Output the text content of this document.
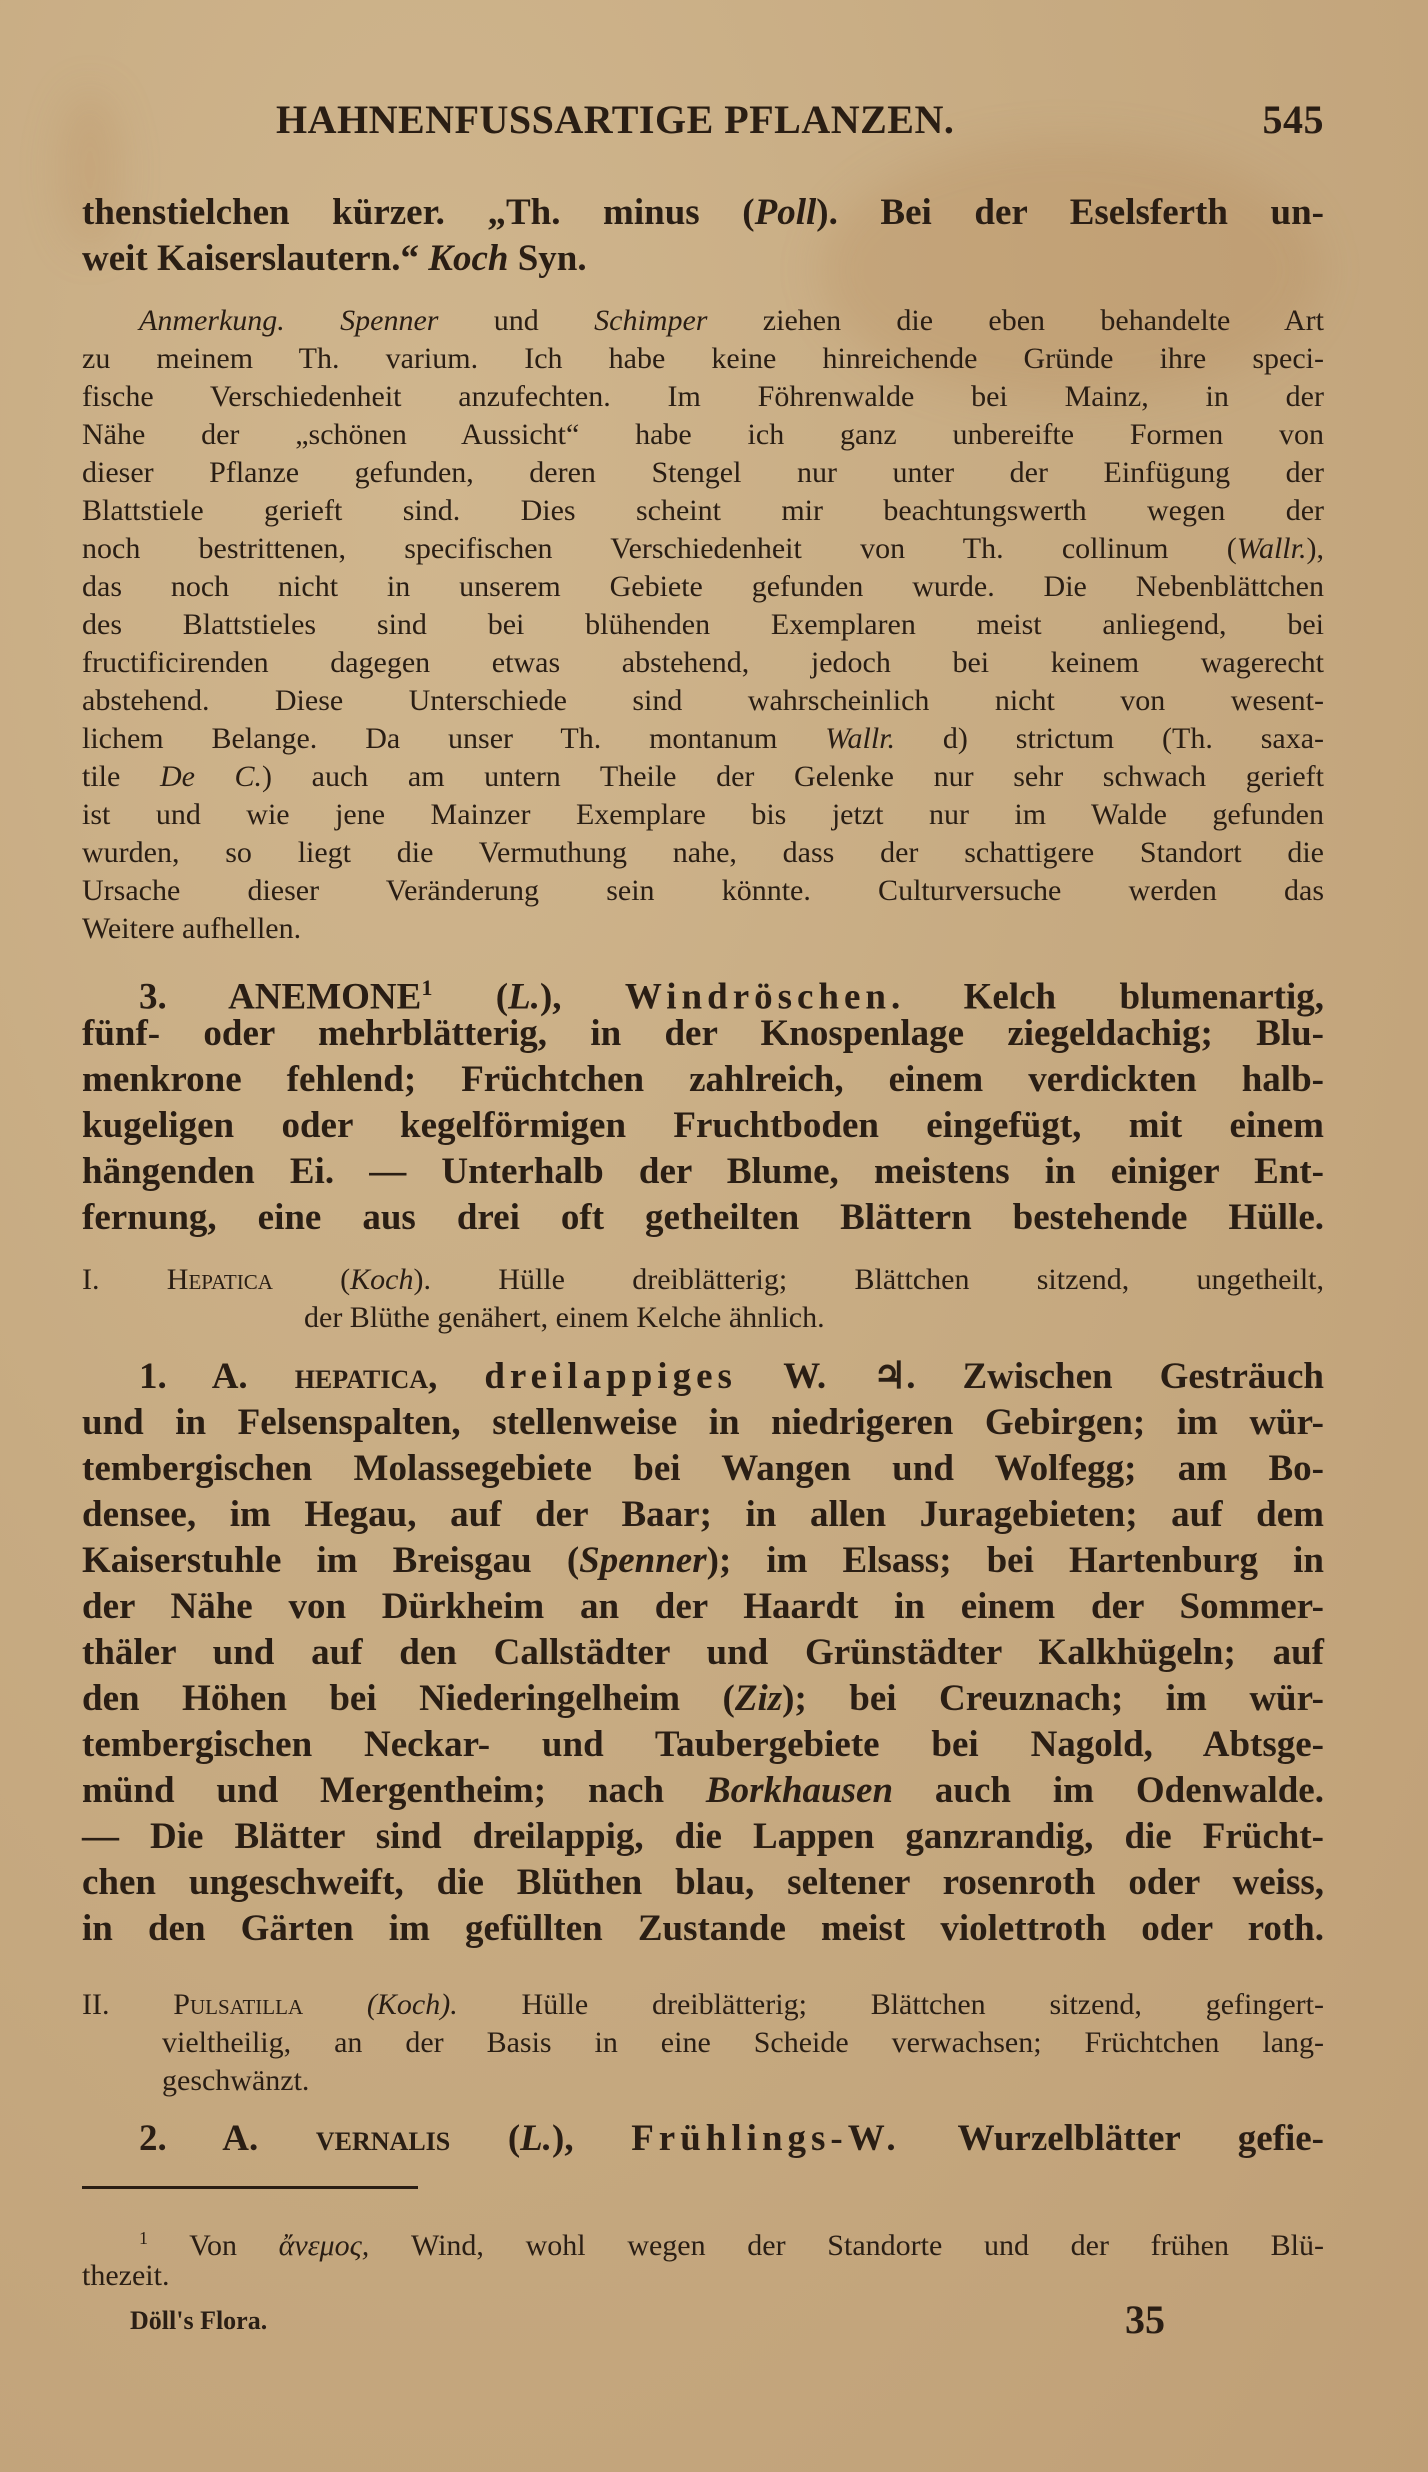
HAHNENFUSSARTIGE PFLANZEN.	545
thenstielchen kürzer. „Th. minus (Poll). Bei der Eselsferth un-
weit Kaiserslautern.“ Koch Syn.
Anmerkung. Spenner und Schimper ziehen die eben behandelte Art
zu meinem Th. varium. Ich habe keine hinreichende Gründe ihre speci-
fische Verschiedenheit anzufechten. Im Föhrenwalde bei Mainz, in der
Nähe der „schönen Aussicht“ habe ich ganz unbereifte Formen von
dieser Pflanze gefunden, deren Stengel nur unter der Einfügung der
Blattstiele gerieft sind. Dies scheint mir beachtungswerth wegen der
noch bestrittenen, specifischen Verschiedenheit von Th. collinum (Wallr.),
das noch nicht in unserem Gebiete gefunden wurde. Die Nebenblättchen
des Blattstieles sind bei blühenden Exemplaren meist anliegend, bei
fructificirenden dagegen etwas abstehend, jedoch bei keinem wagerecht
abstehend. Diese Unterschiede sind wahrscheinlich nicht von wesent-
lichem Belange. Da unser Th. montanum Wallr. d) strictum (Th. saxa-
tile De C.) auch am untern Theile der Gelenke nur sehr schwach gerieft
ist und wie jene Mainzer Exemplare bis jetzt nur im Walde gefunden
wurden, so liegt die Vermuthung nahe, dass der schattigere Standort die
Ursache dieser Veränderung sein könnte. Culturversuche werden das
Weitere aufhellen.
3. ANEMONE$^1$ (L.), Windröschen. Kelch blumenartig,
fünf- oder mehrblätterig, in der Knospenlage ziegeldachig; Blu-
menkrone fehlend; Früchtchen zahlreich, einem verdickten halb-
kugeligen oder kegelförmigen Fruchtboden eingefügt, mit einem
hängenden Ei. — Unterhalb der Blume, meistens in einiger Ent-
fernung, eine aus drei oft getheilten Blättern bestehende Hülle.
I. Hepatica (Koch). Hülle dreiblätterig; Blättchen sitzend, ungetheilt,
der Blüthe genähert, einem Kelche ähnlich.
1. A. hepatica, dreilappiges W. ♃. Zwischen Gesträuch
und in Felsenspalten, stellenweise in niedrigeren Gebirgen; im wür-
tembergischen Molassegebiete bei Wangen und Wolfegg; am Bo-
densee, im Hegau, auf der Baar; in allen Juragebieten; auf dem
Kaiserstuhle im Breisgau (Spenner); im Elsass; bei Hartenburg in
der Nähe von Dürkheim an der Haardt in einem der Sommer-
thäler und auf den Callstädter und Grünstädter Kalkhügeln; auf
den Höhen bei Niederingelheim (Ziz); bei Creuznach; im wür-
tembergischen Neckar- und Taubergebiete bei Nagold, Abtsge-
münd und Mergentheim; nach Borkhausen auch im Odenwalde.
— Die Blätter sind dreilappig, die Lappen ganzrandig, die Frücht-
chen ungeschweift, die Blüthen blau, seltener rosenroth oder weiss,
in den Gärten im gefüllten Zustande meist violettroth oder roth.
II. Pulsatilla (Koch). Hülle dreiblätterig; Blättchen sitzend, gefingert-
vieltheilig, an der Basis in eine Scheide verwachsen; Früchtchen lang-
geschwänzt.
2. A. vernalis (L.), Frühlings-W. Wurzelblätter gefie-
$^1$ Von ἄνεμος, Wind, wohl wegen der Standorte und der frühen Blü-
thezeit.
Döll's Flora.	35
